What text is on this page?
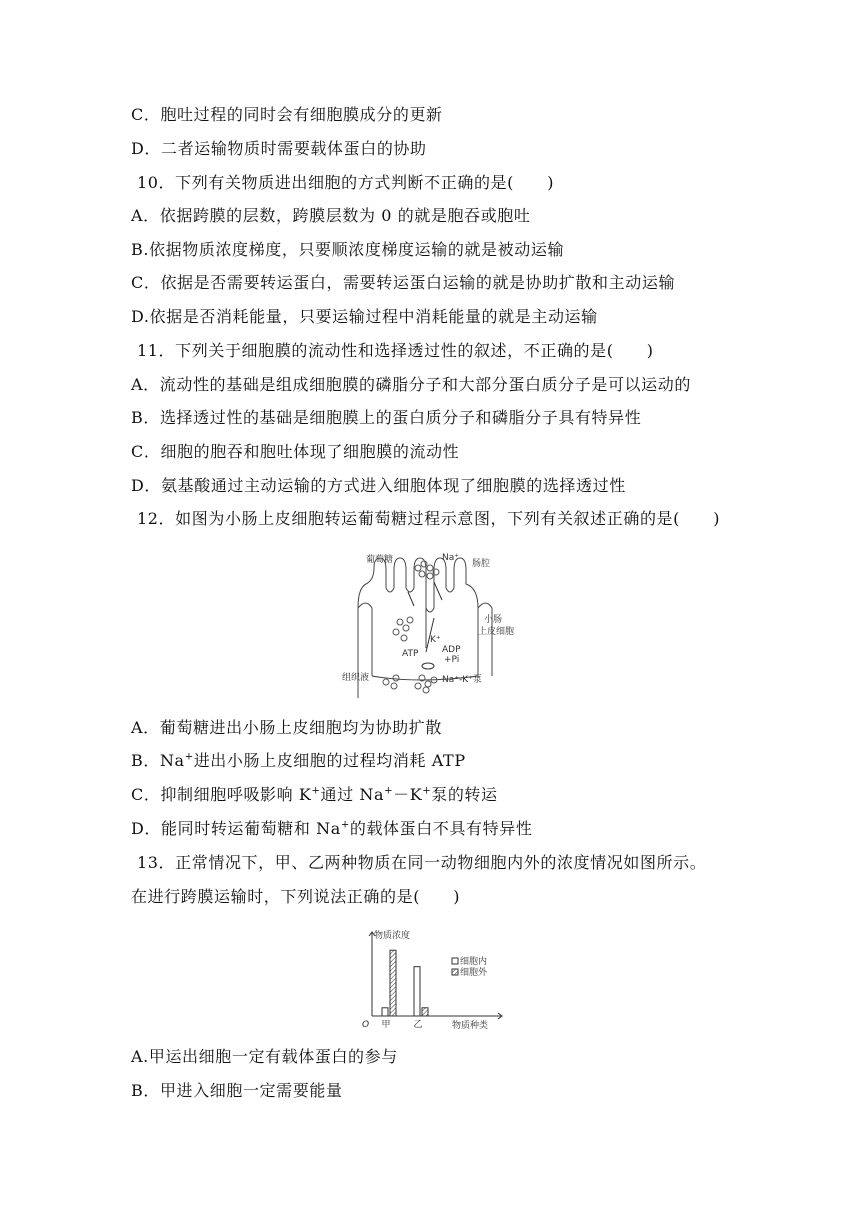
C．胞吐过程的同时会有细胞膜成分的更新
D．二者运输物质时需要载体蛋白的协助
10．下列有关物质进出细胞的方式判断不正确的是(　　)
A．依据跨膜的层数，跨膜层数为 0 的就是胞吞或胞吐
B.依据物质浓度梯度，只要顺浓度梯度运输的就是被动运输
C．依据是否需要转运蛋白，需要转运蛋白运输的就是协助扩散和主动运输
D.依据是否消耗能量，只要运输过程中消耗能量的就是主动运输
11．下列关于细胞膜的流动性和选择透过性的叙述，不正确的是(　　)
A．流动性的基础是组成细胞膜的磷脂分子和大部分蛋白质分子是可以运动的
B．选择透过性的基础是细胞膜上的蛋白质分子和磷脂分子具有特异性
C．细胞的胞吞和胞吐体现了细胞膜的流动性
D．氨基酸通过主动运输的方式进入细胞体现了细胞膜的选择透过性
12．如图为小肠上皮细胞转运葡萄糖过程示意图，下列有关叙述正确的是(　　)
葡萄糖	Na⁺
肠腔
小肠
上皮细胞
K⁺
ADP
+Pi
ATP
组织液	Na⁺-K⁺泵
A．葡萄糖进出小肠上皮细胞均为协助扩散
B．Na+进出小肠上皮细胞的过程均消耗 ATP
C．抑制细胞呼吸影响 K+通过 Na+－K+泵的转运
D．能同时转运葡萄糖和 Na+的载体蛋白不具有特异性
13．正常情况下，甲、乙两种物质在同一动物细胞内外的浓度情况如图所示。
在进行跨膜运输时，下列说法正确的是(　　)
甲	乙
O
物质浓度
物质种类
细胞内
细胞外
A.甲运出细胞一定有载体蛋白的参与
B．甲进入细胞一定需要能量
